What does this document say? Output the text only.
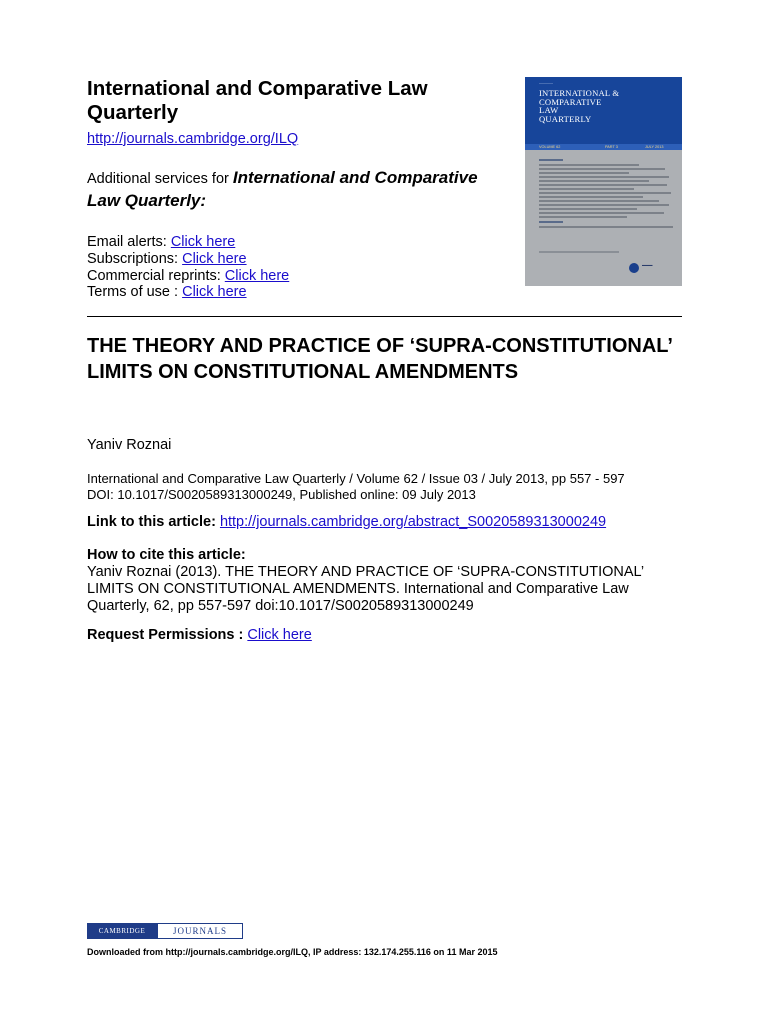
International and Comparative Law Quarterly
http://journals.cambridge.org/ILQ
Additional services for International and Comparative Law Quarterly:
Email alerts: Click here
Subscriptions: Click here
Commercial reprints: Click here
Terms of use : Click here
————
INTERNATIONAL &
COMPARATIVE
LAW
QUARTERLY
VOLUME 62	PART 3	JULY 2013
▬▬▬
THE THEORY AND PRACTICE OF ‘SUPRA-CONSTITUTIONAL’ LIMITS ON CONSTITUTIONAL AMENDMENTS
Yaniv Roznai
International and Comparative Law Quarterly / Volume 62 / Issue 03 / July 2013, pp 557 - 597
DOI: 10.1017/S0020589313000249, Published online: 09 July 2013
Link to this article: http://journals.cambridge.org/abstract_S0020589313000249
How to cite this article:
Yaniv Roznai (2013). THE THEORY AND PRACTICE OF ‘SUPRA-CONSTITUTIONAL’ LIMITS ON CONSTITUTIONAL AMENDMENTS. International and Comparative Law Quarterly, 62, pp 557-597 doi:10.1017/S0020589313000249
Request Permissions : Click here
CAMBRIDGE	JOURNALS
Downloaded from http://journals.cambridge.org/ILQ, IP address: 132.174.255.116 on 11 Mar 2015
